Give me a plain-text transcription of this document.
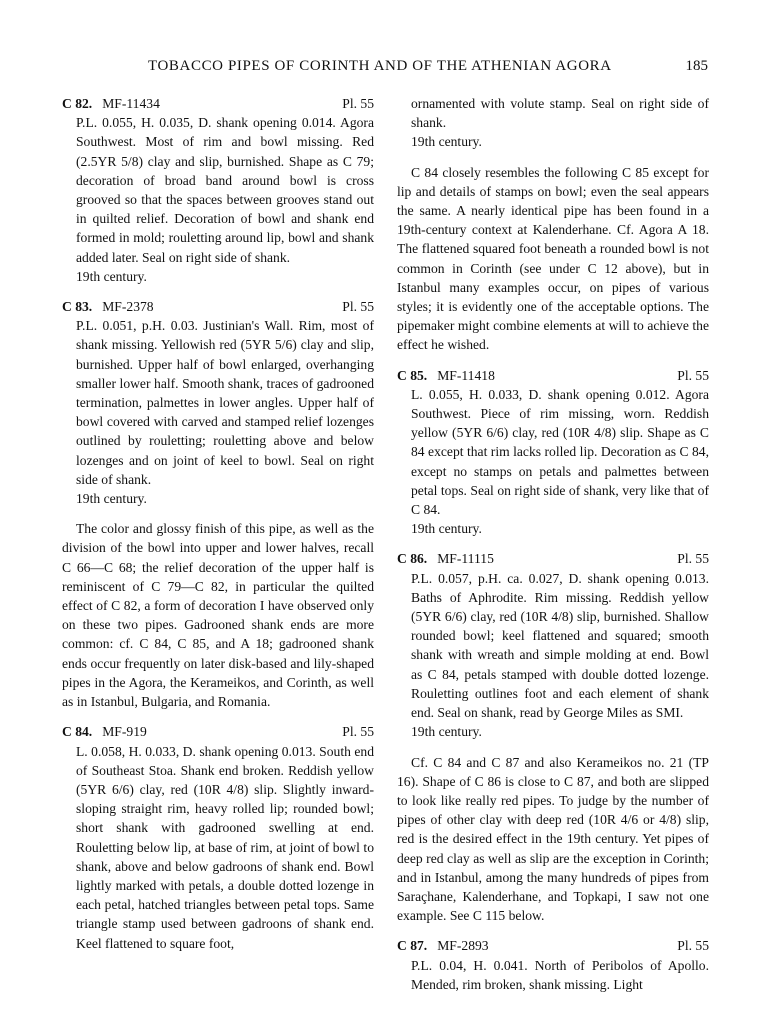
TOBACCO PIPES OF CORINTH AND OF THE ATHENIAN AGORA	185
C 82. MF-11434	Pl. 55

P.L. 0.055, H. 0.035, D. shank opening 0.014. Agora Southwest. Most of rim and bowl missing. Red (2.5YR 5/8) clay and slip, burnished. Shape as C 79; decoration of broad band around bowl is cross grooved so that the spaces between grooves stand out in quilted relief. Decoration of bowl and shank end formed in mold; rouletting around lip, bowl and shank added later. Seal on right side of shank.

19th century.

C 83. MF-2378	Pl. 55

P.L. 0.051, p.H. 0.03. Justinian's Wall. Rim, most of shank missing. Yellowish red (5YR 5/6) clay and slip, burnished. Upper half of bowl enlarged, overhanging smaller lower half. Smooth shank, traces of gadrooned termination, palmettes in lower angles. Upper half of bowl covered with carved and stamped relief lozenges outlined by rouletting; rouletting above and below lozenges and on joint of keel to bowl. Seal on right side of shank.

19th century.

The color and glossy finish of this pipe, as well as the division of the bowl into upper and lower halves, recall C 66—C 68; the relief decoration of the upper half is reminiscent of C 79—C 82, in particular the quilted effect of C 82, a form of decoration I have observed only on these two pipes. Gadrooned shank ends are more common: cf. C 84, C 85, and A 18; gadrooned shank ends occur frequently on later disk-based and lily-shaped pipes in the Agora, the Kerameikos, and Corinth, as well as in Istanbul, Bulgaria, and Romania.

C 84. MF-919	Pl. 55

L. 0.058, H. 0.033, D. shank opening 0.013. South end of Southeast Stoa. Shank end broken. Reddish yellow (5YR 6/6) clay, red (10R 4/8) slip. Slightly inward-sloping straight rim, heavy rolled lip; rounded bowl; short shank with gadrooned swelling at end. Rouletting below lip, at base of rim, at joint of bowl to shank, above and below gadroons of shank end. Bowl lightly marked with petals, a double dotted lozenge in each petal, hatched triangles between petal tops. Same triangle stamp used between gadroons of shank end. Keel flattened to square foot,

ornamented with volute stamp. Seal on right side of shank.

19th century.

C 84 closely resembles the following C 85 except for lip and details of stamps on bowl; even the seal appears the same. A nearly identical pipe has been found in a 19th-century context at Kalenderhane. Cf. Agora A 18. The flattened squared foot beneath a rounded bowl is not common in Corinth (see under C 12 above), but in Istanbul many examples occur, on pipes of various styles; it is evidently one of the acceptable options. The pipemaker might combine elements at will to achieve the effect he wished.

C 85. MF-11418	Pl. 55

L. 0.055, H. 0.033, D. shank opening 0.012. Agora Southwest. Piece of rim missing, worn. Reddish yellow (5YR 6/6) clay, red (10R 4/8) slip. Shape as C 84 except that rim lacks rolled lip. Decoration as C 84, except no stamps on petals and palmettes between petal tops. Seal on right side of shank, very like that of C 84.

19th century.

C 86. MF-11115	Pl. 55

P.L. 0.057, p.H. ca. 0.027, D. shank opening 0.013. Baths of Aphrodite. Rim missing. Reddish yellow (5YR 6/6) clay, red (10R 4/8) slip, burnished. Shallow rounded bowl; keel flattened and squared; smooth shank with wreath and simple molding at end. Bowl as C 84, petals stamped with double dotted lozenge. Rouletting outlines foot and each element of shank end. Seal on shank, read by George Miles as SMI.

19th century.

Cf. C 84 and C 87 and also Kerameikos no. 21 (TP 16). Shape of C 86 is close to C 87, and both are slipped to look like really red pipes. To judge by the number of pipes of other clay with deep red (10R 4/6 or 4/8) slip, red is the desired effect in the 19th century. Yet pipes of deep red clay as well as slip are the exception in Corinth; and in Istanbul, among the many hundreds of pipes from Saraçhane, Kalenderhane, and Topkapi, I saw not one example. See C 115 below.

C 87. MF-2893	Pl. 55

P.L. 0.04, H. 0.041. North of Peribolos of Apollo. Mended, rim broken, shank missing. Light
